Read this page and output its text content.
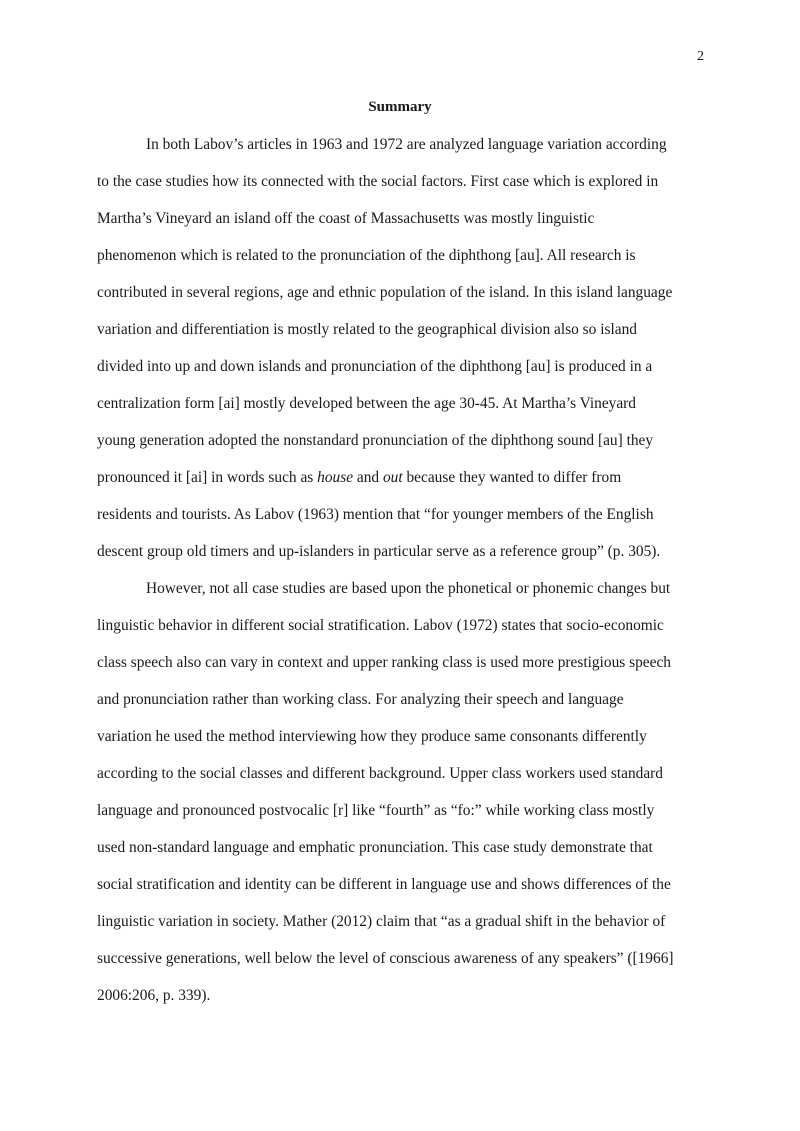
2
Summary
In both Labov’s articles in 1963 and 1972 are analyzed language variation according
to the case studies how its connected with the social factors. First case which is explored in
Martha’s Vineyard an island off the coast of Massachusetts was mostly linguistic
phenomenon which is related to the pronunciation of the diphthong [au]. All research is
contributed in several regions, age and ethnic population of the island. In this island language
variation and differentiation is mostly related to the geographical division also so island
divided into up and down islands and pronunciation of the diphthong [au] is produced in a
centralization form [ai] mostly developed between the age 30-45. At Martha’s Vineyard
young generation adopted the nonstandard pronunciation of the diphthong sound [au] they
pronounced it [ai] in words such as house and out because they wanted to differ from
residents and tourists. As Labov (1963) mention that “for younger members of the English
descent group old timers and up-islanders in particular serve as a reference group” (p. 305).
However, not all case studies are based upon the phonetical or phonemic changes but
linguistic behavior in different social stratification. Labov (1972) states that socio-economic
class speech also can vary in context and upper ranking class is used more prestigious speech
and pronunciation rather than working class. For analyzing their speech and language
variation he used the method interviewing how they produce same consonants differently
according to the social classes and different background. Upper class workers used standard
language and pronounced postvocalic [r] like “fourth” as “fo:” while working class mostly
used non-standard language and emphatic pronunciation. This case study demonstrate that
social stratification and identity can be different in language use and shows differences of the
linguistic variation in society. Mather (2012) claim that “as a gradual shift in the behavior of
successive generations, well below the level of conscious awareness of any speakers” ([1966]
2006:206, p. 339).
